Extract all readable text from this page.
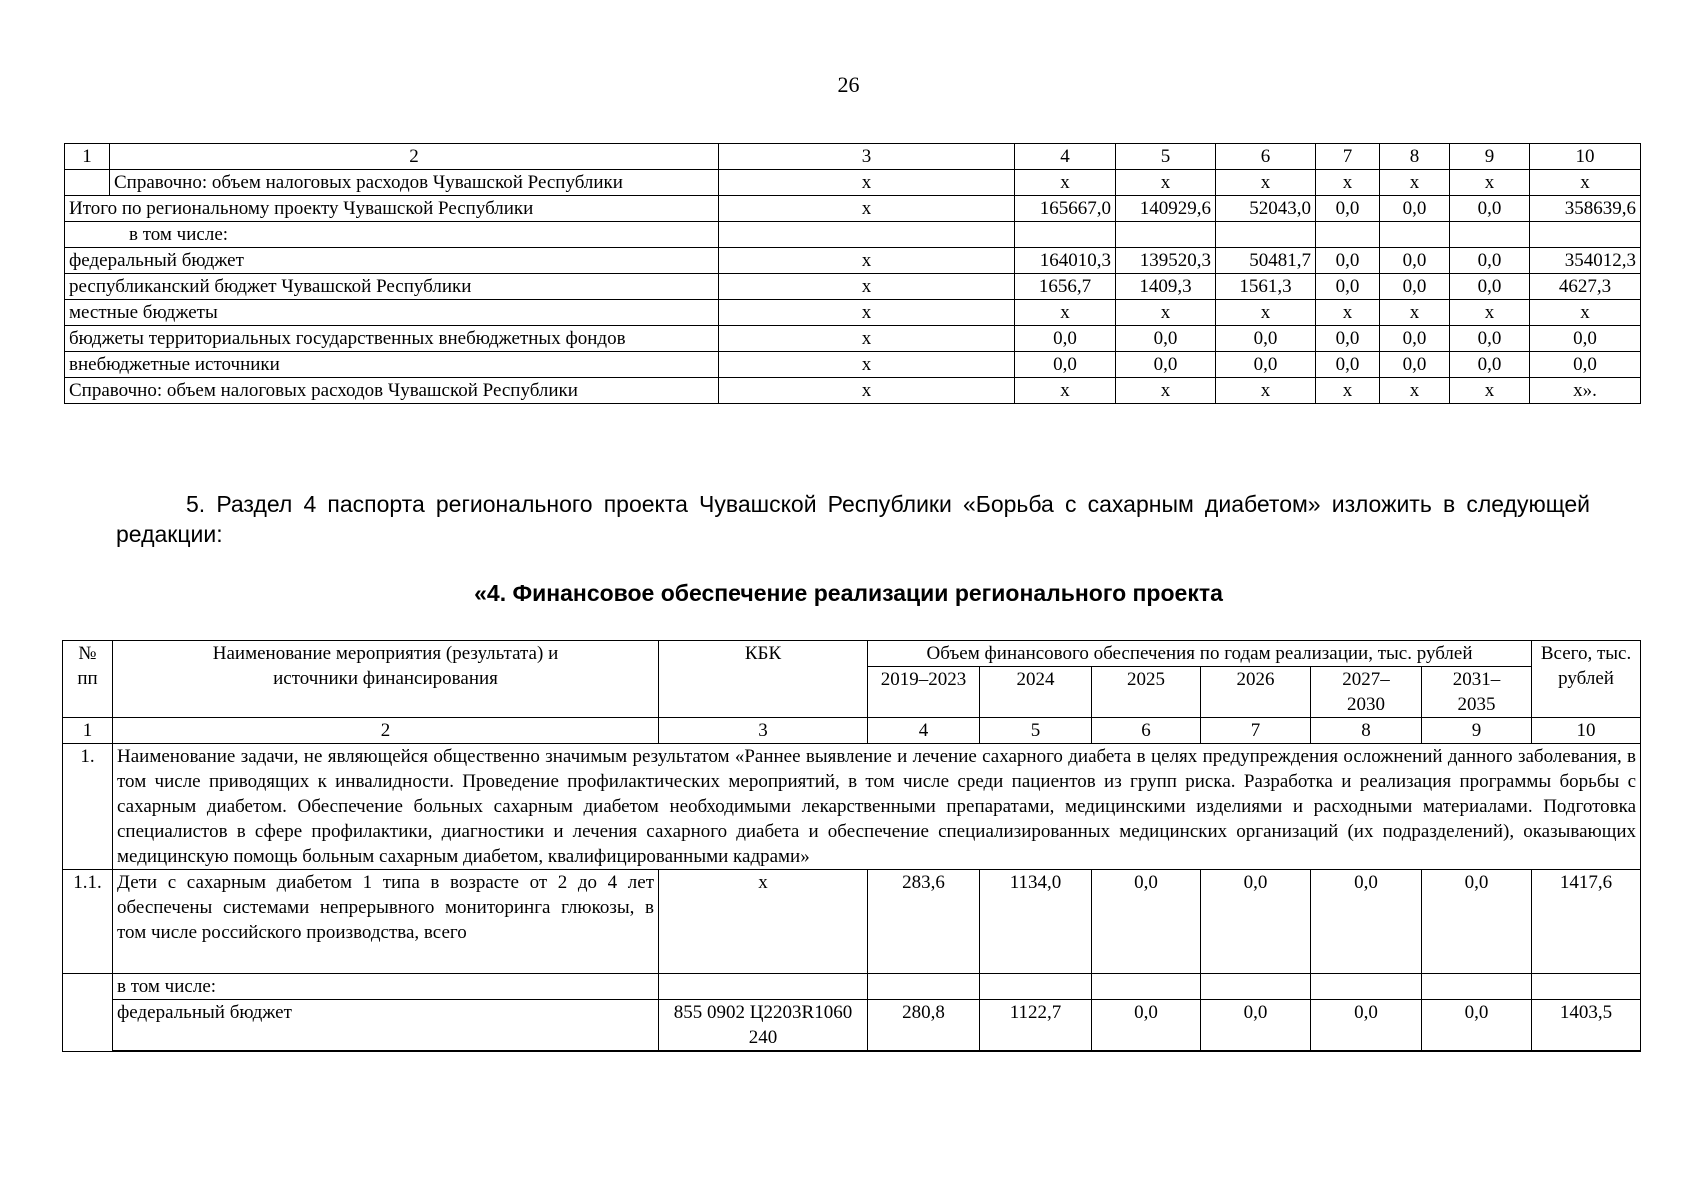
26
1	2	3	4	5	6	7	8	9	10
	Справочно: объем налоговых расходов Чувашской Республики	x	x	x	x	x	x	x	x
Итого по региональному проекту Чувашской Республики		x	165667,0	140929,6	52043,0	0,0	0,0	0,0	358639,6
в том числе:									
федеральный бюджет		x	164010,3	139520,3	50481,7	0,0	0,0	0,0	354012,3
республиканский бюджет Чувашской Республики		x	1656,7	1409,3	1561,3	0,0	0,0	0,0	4627,3
местные бюджеты		x	x	x	x	x	x	x	x
бюджеты территориальных государственных внебюджетных фондов		x	0,0	0,0	0,0	0,0	0,0	0,0	0,0
внебюджетные источники		x	0,0	0,0	0,0	0,0	0,0	0,0	0,0
Справочно: объем налоговых расходов Чувашской Республики		x	x	x	x	x	x	x	x».
5. Раздел 4 паспорта регионального проекта Чувашской Республики «Борьба с сахарным диабетом» изложить в следующей редакции:
«4. Финансовое обеспечение реализации регионального проекта
№ пп	Наименование мероприятия (результата) и источники финансирования	КБК	Объем финансового обеспечения по годам реализации, тыс. рублей						Всего, тыс. рублей
			2019–2023	2024	2025	2026	2027–2030	2031–2035	
1	2	3	4	5	6	7	8	9	10
1.	Наименование задачи, не являющейся общественно значимым результатом «Раннее выявление и лечение сахарного диабета в целях предупреждения осложнений данного заболевания, в том числе приводящих к инвалидности. Проведение профилактических мероприятий, в том числе среди пациентов из групп риска. Разработка и реализация программы борьбы с сахарным диабетом. Обеспечение больных сахарным диабетом необходимыми лекарственными препаратами, медицинскими изделиями и расходными материалами. Подготовка специалистов в сфере профилактики, диагностики и лечения сахарного диабета и обеспечение специализированных медицинских организаций (их подразделений), оказывающих медицинскую помощь больным сахарным диабетом, квалифицированными кадрами»								
1.1.	Дети с сахарным диабетом 1 типа в возрасте от 2 до 4 лет обеспечены системами непрерывного мониторинга глюкозы, в том числе российского производства, всего	x	283,6	1134,0	0,0	0,0	0,0	0,0	1417,6
	в том числе:								
	федеральный бюджет	855 0902 Ц2203R1060 240	280,8	1122,7	0,0	0,0	0,0	0,0	1403,5
